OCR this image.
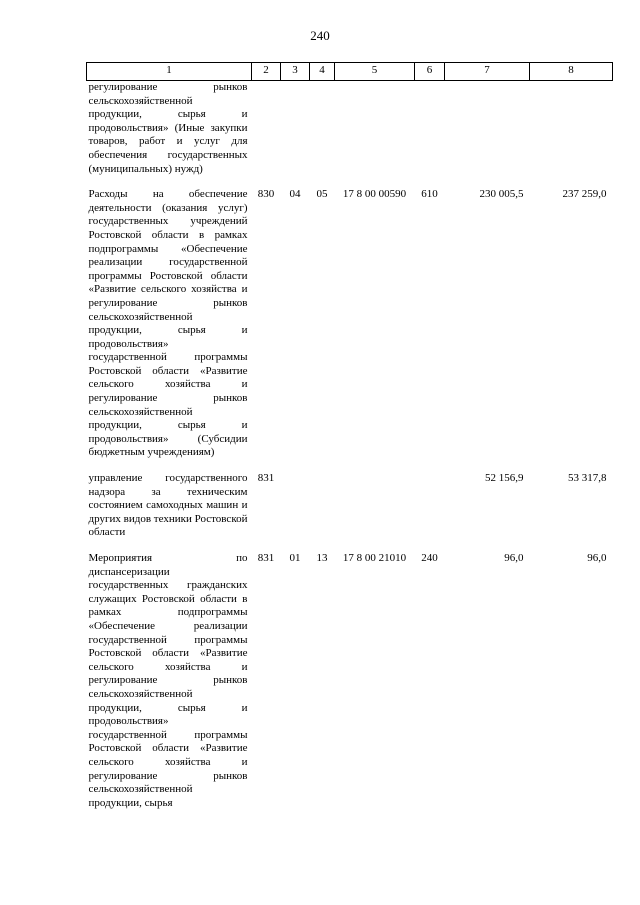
240
1	2	3	4	5	6	7	8
регулирование рынков сельскохозяйственной продукции, сырья и продовольствия» (Иные закупки товаров, работ и услуг для обеспечения государственных (муниципальных) нужд)							

Расходы на обеспечение деятельности (оказания услуг) государственных учреждений Ростовской области в рамках подпрограммы «Обеспечение реализации государственной программы Ростовской области «Развитие сельского хозяйства и регулирование рынков сельскохозяйственной продукции, сырья и продовольствия» государственной программы Ростовской области «Развитие сельского хозяйства и регулирование рынков сельскохозяйственной продукции, сырья и продовольствия» (Субсидии бюджетным учреждениям)	830	04	05	17 8 00 00590	610	230 005,5	237 259,0

управление государственного надзора за техническим состоянием самоходных машин и других видов техники Ростовской области	831					52 156,9	53 317,8

Мероприятия по диспансеризации государственных гражданских служащих Ростовской области в рамках подпрограммы «Обеспечение реализации государственной программы Ростовской области «Развитие сельского хозяйства и регулирование рынков сельскохозяйственной продукции, сырья и продовольствия» государственной программы Ростовской области «Развитие сельского хозяйства и регулирование рынков сельскохозяйственной продукции, сырья	831	01	13	17 8 00 21010	240	96,0	96,0
